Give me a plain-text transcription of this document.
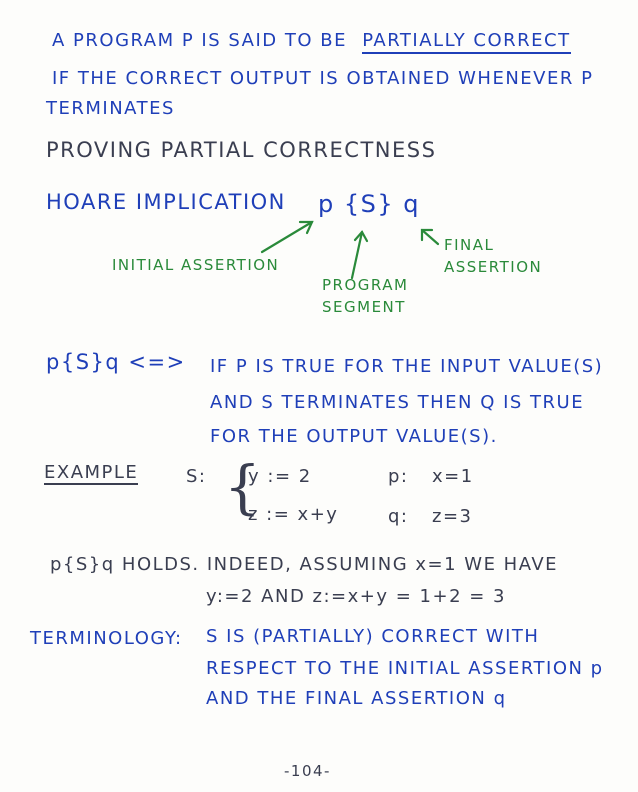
A PROGRAM P IS SAID TO BE PARTIALLY CORRECT
IF THE CORRECT OUTPUT IS OBTAINED WHENEVER P
TERMINATES
PROVING PARTIAL CORRECTNESS
HOARE IMPLICATION p {S} q
INITIAL ASSERTION
PROGRAM
SEGMENT
FINAL
ASSERTION
p{S}q <=> IF P IS TRUE FOR THE INPUT VALUE(S)
AND S TERMINATES THEN Q IS TRUE
FOR THE OUTPUT VALUE(S).
EXAMPLE	S: {
y := 2
z := x+y
p: x=1
q: z=3
p{S}q HOLDS. INDEED, ASSUMING x=1 WE HAVE
y:=2 AND z:=x+y = 1+2 = 3
TERMINOLOGY: S IS (PARTIALLY) CORRECT WITH
RESPECT TO THE INITIAL ASSERTION p
AND THE FINAL ASSERTION q
-104-
